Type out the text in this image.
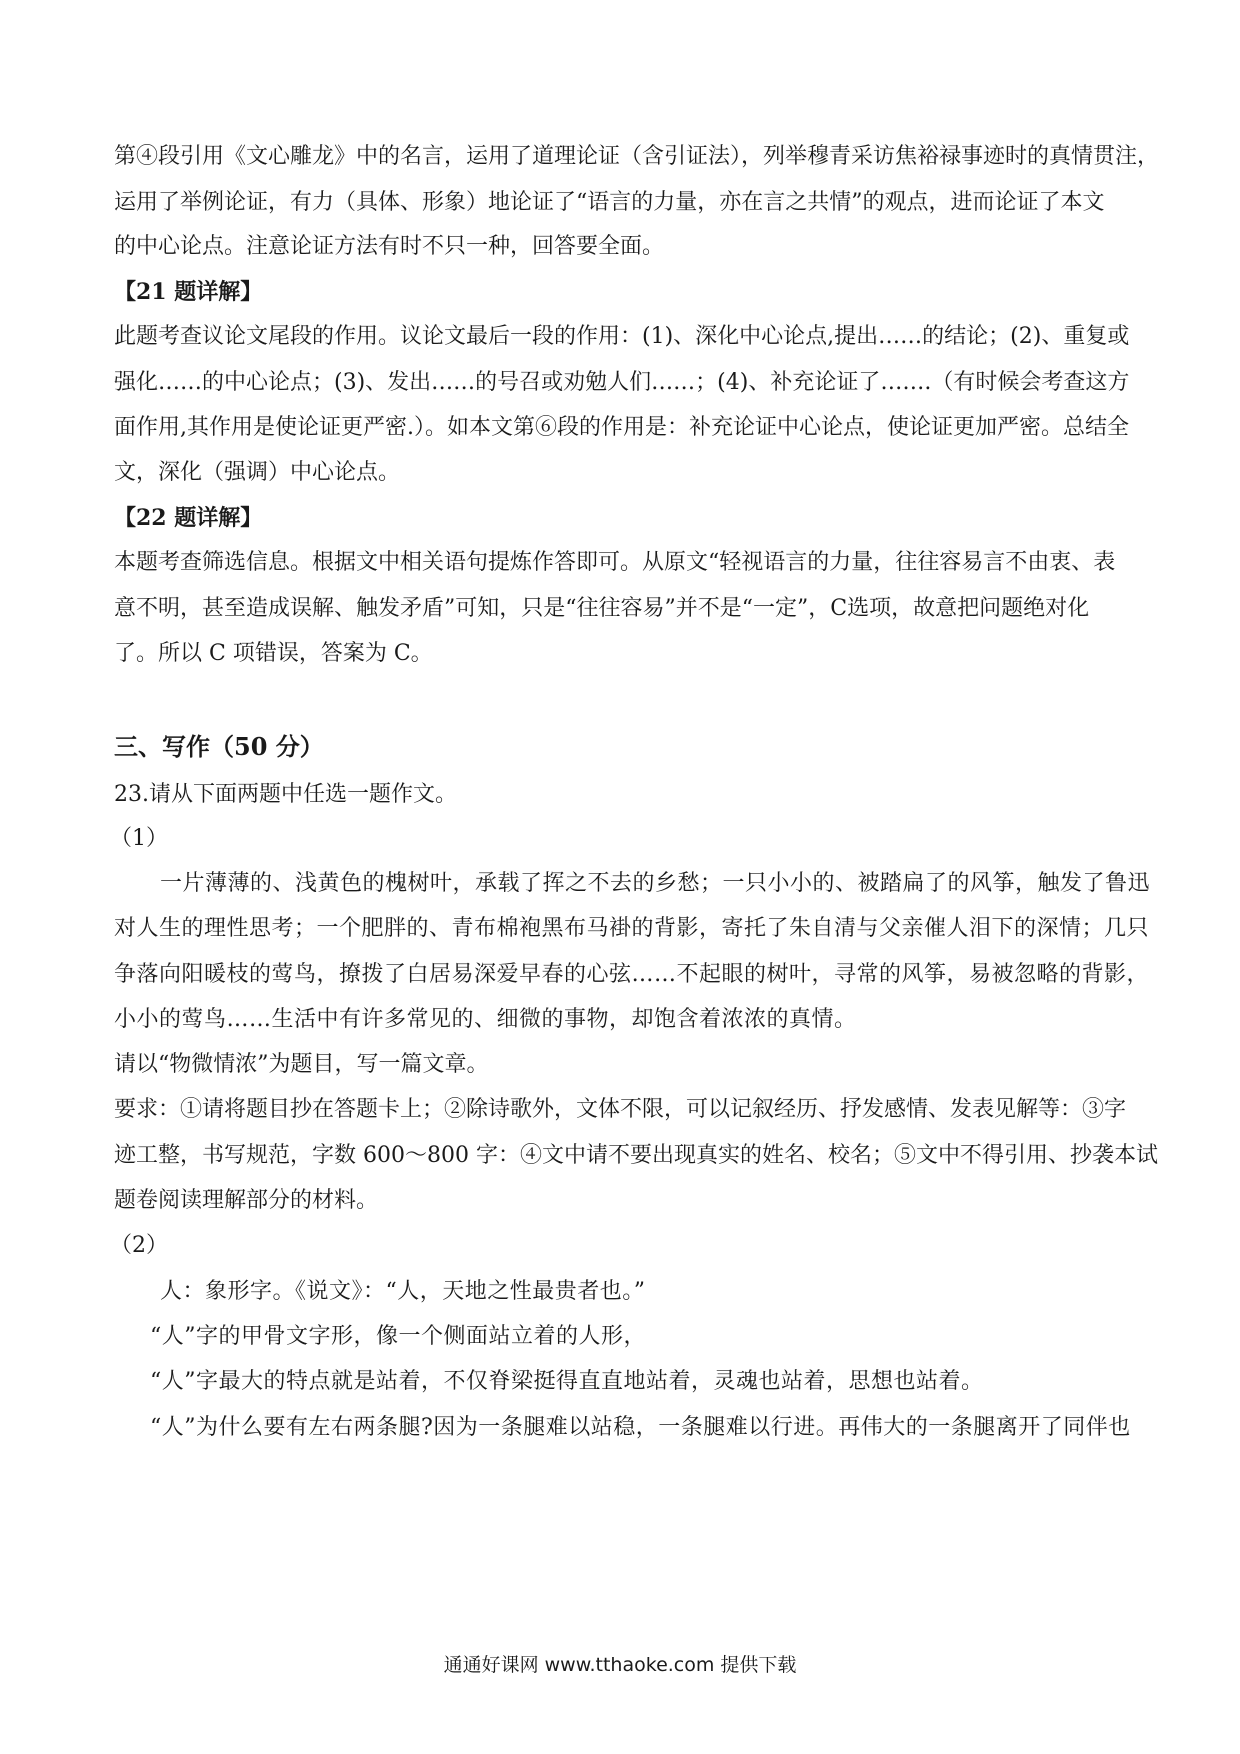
第④段引用《文心雕龙》中的名言，运用了道理论证（含引证法），列举穆青采访焦裕禄事迹时的真情贯注，
运用了举例论证，有力（具体、形象）地论证了“语言的力量，亦在言之共情”的观点，进而论证了本文
的中心论点。注意论证方法有时不只一种，回答要全面。
【21 题详解】
此题考查议论文尾段的作用。议论文最后一段的作用：(1)、深化中心论点,提出……的结论；(2)、重复或
强化……的中心论点；(3)、发出……的号召或劝勉人们……；(4)、补充论证了…….（有时候会考查这方
面作用,其作用是使论证更严密.）。如本文第⑥段的作用是：补充论证中心论点，使论证更加严密。总结全
文，深化（强调）中心论点。
【22 题详解】
本题考查筛选信息。根据文中相关语句提炼作答即可。从原文“轻视语言的力量，往往容易言不由衷、表
意不明，甚至造成误解、触发矛盾”可知，只是“往往容易”并不是“一定”，C选项，故意把问题绝对化
了。所以 C 项错误，答案为 C。
三、写作（50 分）
23.请从下面两题中任选一题作文。
（1）
一片薄薄的、浅黄色的槐树叶，承载了挥之不去的乡愁；一只小小的、被踏扁了的风筝，触发了鲁迅
对人生的理性思考；一个肥胖的、青布棉袍黑布马褂的背影，寄托了朱自清与父亲催人泪下的深情；几只
争落向阳暖枝的莺鸟，撩拨了白居易深爱早春的心弦……不起眼的树叶，寻常的风筝，易被忽略的背影，
小小的莺鸟……生活中有许多常见的、细微的事物，却饱含着浓浓的真情。
请以“物微情浓”为题目，写一篇文章。
要求：①请将题目抄在答题卡上；②除诗歌外，文体不限，可以记叙经历、抒发感情、发表见解等：③字
迹工整，书写规范，字数 600～800 字：④文中请不要出现真实的姓名、校名；⑤文中不得引用、抄袭本试
题卷阅读理解部分的材料。
（2）
人：象形字。《说文》：“人，天地之性最贵者也。”
“人”字的甲骨文字形，像一个侧面站立着的人形，
“人”字最大的特点就是站着，不仅脊梁挺得直直地站着，灵魂也站着，思想也站着。
“人”为什么要有左右两条腿?因为一条腿难以站稳，一条腿难以行进。再伟大的一条腿离开了同伴也
通通好课网 www.tthaoke.com 提供下载
